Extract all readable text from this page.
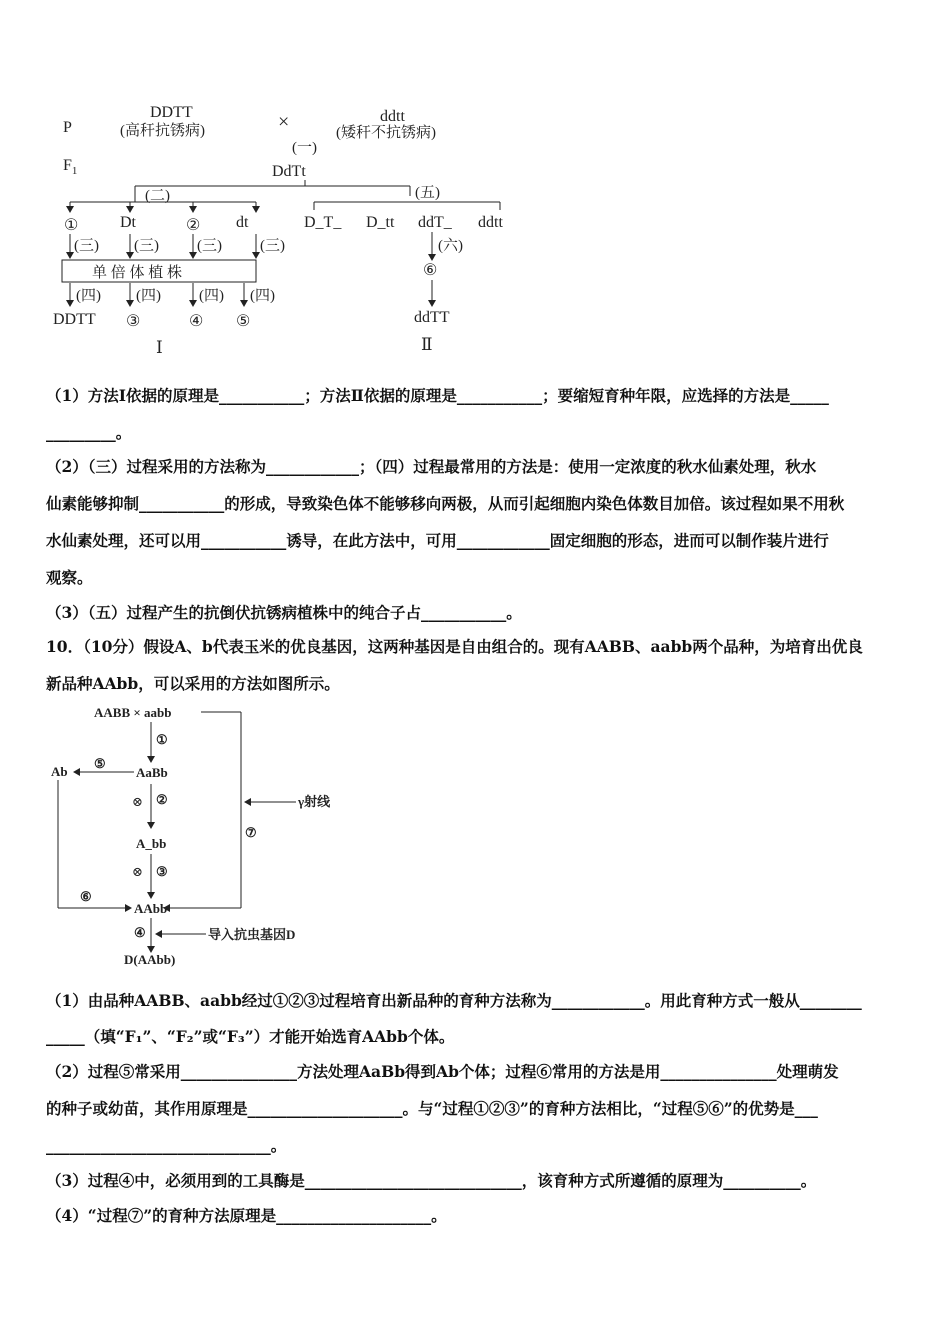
P
$F_1$
DDTT
(高秆抗锈病)	×	ddtt
(矮秆不抗锈病)
(一)
DdTt
(二)	(五)
①	Dt	② dt
(三) (三)	(三)	(三)
单 倍 体 植 株
(四) (四)	(四) (四)
DDTT ③	④ ⑤
Ⅰ
D_T_ D_tt ddT_ ddtt
(六)
⑥
ddTT
Ⅱ
（1）方法Ⅰ依据的原理是___________；方法Ⅱ依据的原理是___________；要缩短育种年限，应选择的方法是_____
_________。
（2）（三）过程采用的方法称为____________；（四）过程最常用的方法是：使用一定浓度的秋水仙素处理，秋水
仙素能够抑制___________的形成，导致染色体不能够移向两极，从而引起细胞内染色体数目加倍。该过程如果不用秋
水仙素处理，还可以用___________诱导，在此方法中，可用____________固定细胞的形态，进而可以制作装片进行
观察。
（3）（五）过程产生的抗倒伏抗锈病植株中的纯合子占___________。
10．（10分）假设A、b代表玉米的优良基因，这两种基因是自由组合的。现有AABB、aabb两个品种，为培育出优良
新品种AAbb，可以采用的方法如图所示。
AABB × aabb
①
Ab
⑤
AaBb
⊗ ②	γ射线
⑦
A_bb
⊗ ③
⑥
AAbb
④	导入抗虫基因D
D(AAbb)
（1）由品种AABB、aabb经过①②③过程培育出新品种的育种方法称为____________。用此育种方式一般从________
_____（填“F₁”、“F₂”或“F₃”）才能开始选育AAbb个体。
（2）过程⑤常采用_______________方法处理AaBb得到Ab个体；过程⑥常用的方法是用_______________处理萌发
的种子或幼苗，其作用原理是____________________。与“过程①②③”的育种方法相比，“过程⑤⑥”的优势是___
_____________________________。
（3）过程④中，必须用到的工具酶是____________________________，该育种方式所遵循的原理为__________。
（4）“过程⑦”的育种方法原理是____________________。
